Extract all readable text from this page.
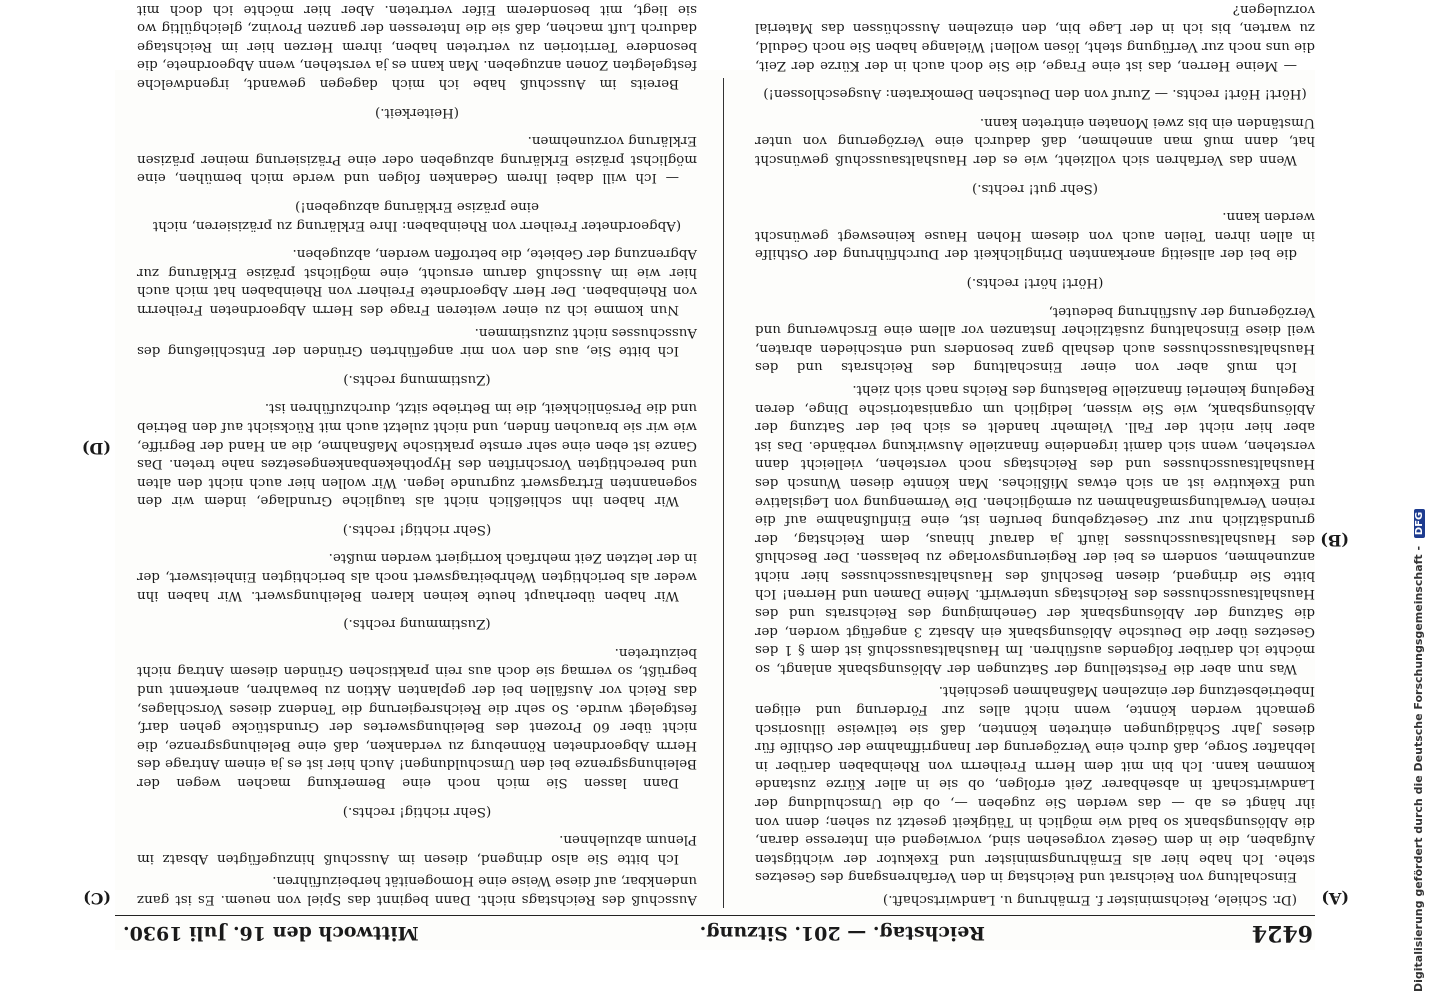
6424
Reichstag. — 201. Sitzung.
Mittwoch den 16. Juli 1930.
(A)
(B)
(C)
(D)

(Dr. Schiele, Reichsminister f. Ernährung u. Landwirtschaft.)

Einschaltung von Reichsrat und Reichstag in den Verfahrensgang des Gesetzes stehe. Ich habe hier als Ernährungsminister und Exekutor der wichtigsten Aufgaben, die in dem Gesetz vorgesehen sind, vorwiegend ein Interesse daran, die Ablösungsbank so bald wie möglich in Tätigkeit gesetzt zu sehen; denn von ihr hängt es ab — das werden Sie zugeben —, ob die Umschuldung der Landwirtschaft in absehbarer Zeit erfolgen, ob sie in aller Kürze zustande kommen kann. Ich bin mit dem Herrn Freiherrn von Rheinbaben darüber in lebhafter Sorge, daß durch eine Verzögerung der Inangriffnahme der Osthilfe für dieses Jahr Schädigungen eintreten könnten, daß sie teilweise illusorisch gemacht werden könnte, wenn nicht alles zur Förderung und eiligen Inbetriebsetzung der einzelnen Maßnahmen geschieht.

Was nun aber die Feststellung der Satzungen der Ablösungsbank anlangt, so möchte ich darüber folgendes ausführen. Im Haushaltsausschuß ist dem § 1 des Gesetzes über die Deutsche Ablösungsbank ein Absatz 3 angefügt worden, der die Satzung der Ablösungsbank der Genehmigung des Reichsrats und des Haushaltsausschusses des Reichstags unterwirft. Meine Damen und Herren! Ich bitte Sie dringend, diesen Beschluß des Haushaltsausschusses hier nicht anzunehmen, sondern es bei der Regierungsvorlage zu belassen. Der Beschluß des Haushaltsausschusses läuft ja darauf hinaus, dem Reichstag, der grundsätzlich nur zur Gesetzgebung berufen ist, eine Einflußnahme auf die reinen Verwaltungsmaßnahmen zu ermöglichen. Die Vermengung von Legislative und Exekutive ist an sich etwas Mißliches. Man könnte diesen Wunsch des Haushaltsausschusses und des Reichstags noch verstehen, vielleicht dann verstehen, wenn sich damit irgendeine finanzielle Auswirkung verbände. Das ist aber hier nicht der Fall. Vielmehr handelt es sich bei der Satzung der Ablösungsbank, wie Sie wissen, lediglich um organisatorische Dinge, deren Regelung keinerlei finanzielle Belastung des Reichs nach sich zieht.

Ich muß aber von einer Einschaltung des Reichsrats und des Haushaltsausschusses auch deshalb ganz besonders und entschieden abraten, weil diese Einschaltung zusätzlicher Instanzen vor allem eine Erschwerung und Verzögerung der Ausführung bedeutet,

(Hört! hört! rechts.)

die bei der allseitig anerkannten Dringlichkeit der Durchführung der Osthilfe in allen ihren Teilen auch von diesem Hohen Hause keineswegt gewünscht werden kann.

(Sehr gut! rechts.)

Wenn das Verfahren sich vollzieht, wie es der Haushaltsausschuß gewünscht hat, dann muß man annehmen, daß dadurch eine Verzögerung von unter Umständen ein bis zwei Monaten eintreten kann.

(Hört! Hört! rechts. — Zuruf von den Deutschen Demokraten: Ausgeschlossen!)

— Meine Herren, das ist eine Frage, die Sie doch auch in der Kürze der Zeit, die uns noch zur Verfügung steht, lösen wollen! Wielange haben Sie noch Geduld, zu warten, bis ich in der Lage bin, den einzelnen Ausschüssen das Material vorzulegen?

Ausschuß des Reichstags nicht. Dann beginnt das Spiel von neuem. Es ist ganz undenkbar, auf diese Weise eine Homogenität herbeizuführen.

Ich bitte Sie also dringend, diesen im Ausschuß hinzugefügten Absatz im Plenum abzulehnen.

(Sehr richtig! rechts.)

Dann lassen Sie mich noch eine Bemerkung machen wegen der Beleihungsgrenze bei den Umschuldungen! Auch hier ist es ja einem Antrage des Herrn Abgeordneten Rönneburg zu verdanken, daß eine Beleihungsgrenze, die nicht über 60 Prozent des Beleihungswertes der Grundstücke gehen darf, festgelegt wurde. So sehr die Reichsregierung die Tendenz dieses Vorschlages, das Reich vor Ausfällen bei der geplanten Aktion zu bewahren, anerkennt und begrüßt, so vermag sie doch aus rein praktischen Gründen diesem Antrag nicht beizutreten.

(Zustimmung rechts.)

Wir haben überhaupt heute keinen klaren Beleihungswert. Wir haben ihn weder als berichtigten Wehrbeitragswert noch als berichtigten Einheitswert, der in der letzten Zeit mehrfach korrigiert werden mußte.

(Sehr richtig! rechts.)

Wir haben ihn schließlich nicht als taugliche Grundlage, indem wir den sogenannten Ertragswert zugrunde legen. Wir wollen hier auch nicht den alten und berechtigten Vorschriften des Hypothekenbankengesetzes nahe treten. Das Ganze ist eben eine sehr ernste praktische Maßnahme, die an Hand der Begriffe, wie wir sie brauchen finden, und nicht zuletzt auch mit Rücksicht auf den Betrieb und die Persönlichkeit, die im Betriebe sitzt, durchzuführen ist.

(Zustimmung rechts.)

Ich bitte Sie, aus den von mir angeführten Gründen der Entschließung des Ausschusses nicht zuzustimmen.

Nun komme ich zu einer weiteren Frage des Herrn Abgeordneten Freiherrn von Rheinbaben. Der Herr Abgeordnete Freiherr von Rheinbaben hat mich auch hier wie im Ausschuß darum ersucht, eine möglichst präzise Erklärung zur Abgrenzung der Gebiete, die betroffen werden, abzugeben.

(Abgeordneter Freiherr von Rheinbaben: Ihre Erklärung zu präzisieren, nicht eine präzise Erklärung abzugeben!)

— Ich will dabei Ihrem Gedanken folgen und werde mich bemühen, eine möglichst präzise Erklärung abzugeben oder eine Präzisierung meiner präzisen Erklärung vorzunehmen.

(Heiterkeit.)

Bereits im Ausschuß habe ich mich dagegen gewandt, irgendwelche festgelegten Zonen anzugeben. Man kann es ja verstehen, wenn Abgeordnete, die besondere Territorien zu vertreten haben, ihrem Herzen hier im Reichstage dadurch Luft machen, daß sie die Interessen der ganzen Provinz, gleichgültig wo sie liegt, mit besonderem Eifer vertreten. Aber hier möchte ich doch mit

Digitalisierung gefördert durch die Deutsche Forschungsgemeinschaft - DFG
